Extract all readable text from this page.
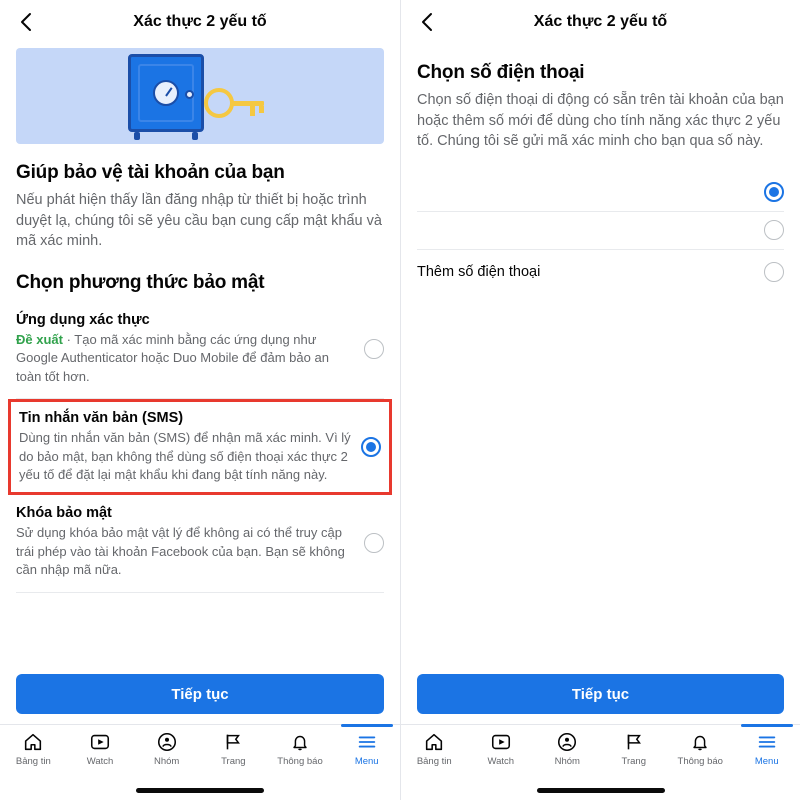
Xác thực 2 yếu tố
Giúp bảo vệ tài khoản của bạn

Nếu phát hiện thấy lần đăng nhập từ thiết bị hoặc trình duyệt lạ, chúng tôi sẽ yêu cầu bạn cung cấp mật khẩu và mã xác minh.

Chọn phương thức bảo mật
Ứng dụng xác thực
Đề xuất · Tạo mã xác minh bằng các ứng dụng như Google Authenticator hoặc Duo Mobile để đảm bảo an toàn tốt hơn.
Tin nhắn văn bản (SMS)
Dùng tin nhắn văn bản (SMS) để nhận mã xác minh. Vì lý do bảo mật, bạn không thể dùng số điện thoại xác thực 2 yếu tố để đặt lại mật khẩu khi đang bật tính năng này.
Khóa bảo mật
Sử dụng khóa bảo mật vật lý để không ai có thể truy cập trái phép vào tài khoản Facebook của bạn. Bạn sẽ không cần nhập mã nữa.
Tiếp tục
Bảng tin	Watch	Nhóm	Trang	Thông báo	Menu
Xác thực 2 yếu tố
Chọn số điện thoại

Chọn số điện thoại di động có sẵn trên tài khoản của bạn hoặc thêm số mới để dùng cho tính năng xác thực 2 yếu tố. Chúng tôi sẽ gửi mã xác minh cho bạn qua số này.

Thêm số điện thoại
Tiếp tục
Bảng tin	Watch	Nhóm	Trang	Thông báo	Menu
